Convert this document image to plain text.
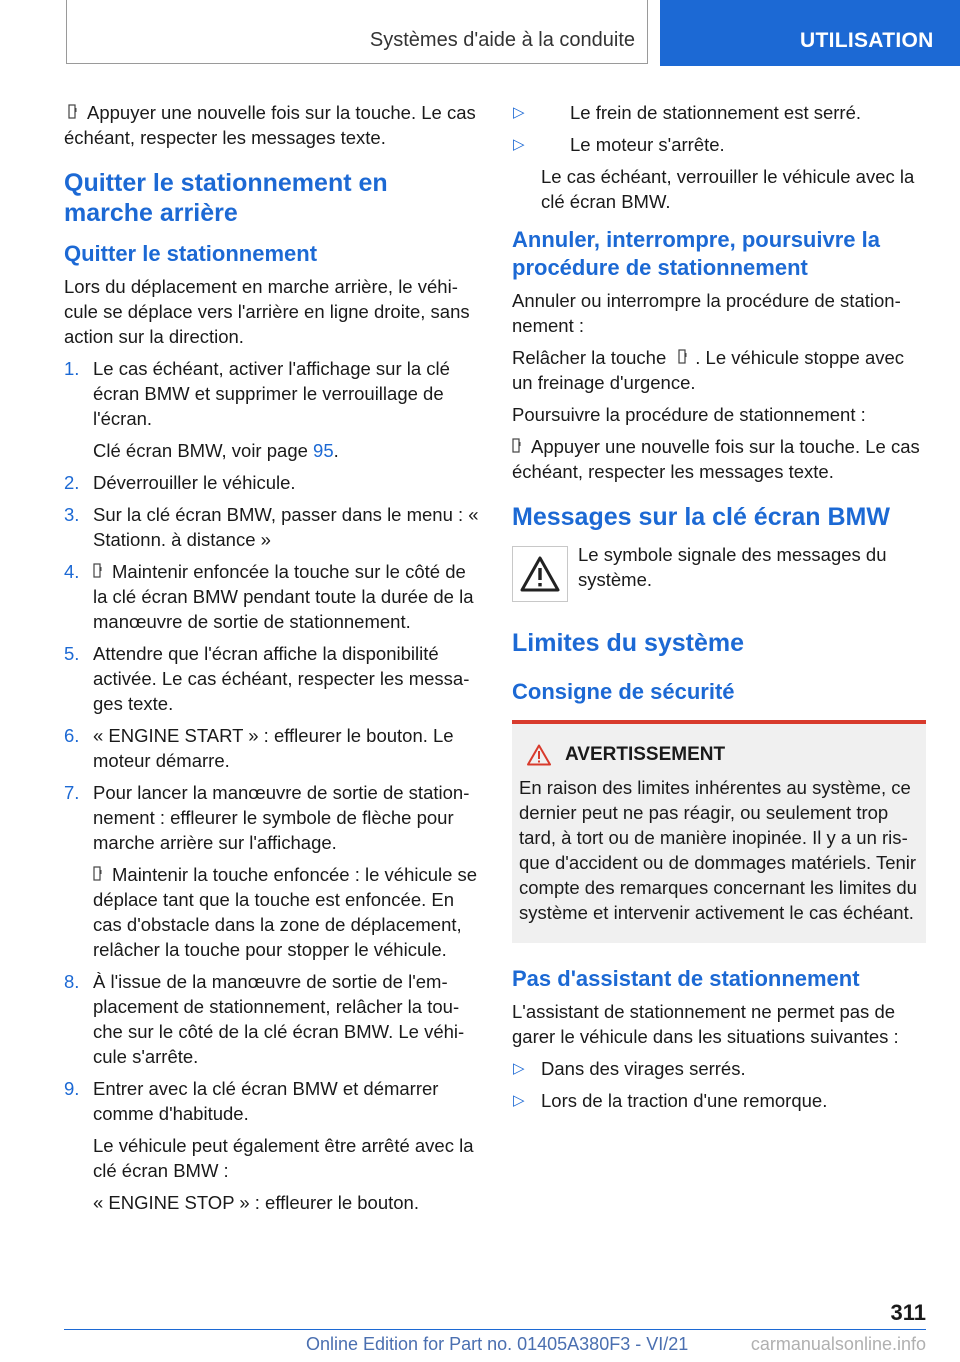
Systèmes d'aide à la conduite	UTILISATION

Appuyer une nouvelle fois sur la touche. Le cas échéant, respecter les messages texte.

Quitter le stationnement en marche arrière
Quitter le stationnement

Lors du déplacement en marche arrière, le véhicule se déplace vers l'arrière en ligne droite, sans action sur la direction.

1. Le cas échéant, activer l'affichage sur la clé écran BMW et supprimer le verrouillage de l'écran.
Clé écran BMW, voir page 95.
2. Déverrouiller le véhicule.
3. Sur la clé écran BMW, passer dans le menu : « Stationn. à distance »
4. Maintenir enfoncée la touche sur le côté de la clé écran BMW pendant toute la durée de la manœuvre de sortie de stationnement.
5. Attendre que l'écran affiche la disponibilité activée. Le cas échéant, respecter les messages texte.
6. « ENGINE START » : effleurer le bouton. Le moteur démarre.
7. Pour lancer la manœuvre de sortie de stationnement : effleurer le symbole de flèche pour marche arrière sur l'affichage.
Maintenir la touche enfoncée : le véhicule se déplace tant que la touche est enfoncée. En cas d'obstacle dans la zone de déplacement, relâcher la touche pour stopper le véhicule.
8. À l'issue de la manœuvre de sortie de l'emplacement de stationnement, relâcher la touche sur le côté de la clé écran BMW. Le véhicule s'arrête.
9. Entrer avec la clé écran BMW et démarrer comme d'habitude.
Le véhicule peut également être arrêté avec la clé écran BMW :
« ENGINE STOP » : effleurer le bouton.
▷ Le frein de stationnement est serré.
▷ Le moteur s'arrête.

Le cas échéant, verrouiller le véhicule avec la clé écran BMW.

Annuler, interrompre, poursuivre la procédure de stationnement

Annuler ou interrompre la procédure de stationnement :

Relâcher la touche . Le véhicule stoppe avec un freinage d'urgence.

Poursuivre la procédure de stationnement :

Appuyer une nouvelle fois sur la touche. Le cas échéant, respecter les messages texte.

Messages sur la clé écran BMW
Le symbole signale des messages du système.
Limites du système
Consigne de sécurité
AVERTISSEMENT
En raison des limites inhérentes au système, ce dernier peut ne pas réagir, ou seulement trop tard, à tort ou de manière inopinée. Il y a un risque d'accident ou de dommages matériels. Tenir compte des remarques concernant les limites du système et intervenir activement le cas échéant.
Pas d'assistant de stationnement

L'assistant de stationnement ne permet pas de garer le véhicule dans les situations suivantes :

▷ Dans des virages serrés.
▷ Lors de la traction d'une remorque.
311
Online Edition for Part no. 01405A380F3 - VI/21	carmanualsonline.info
